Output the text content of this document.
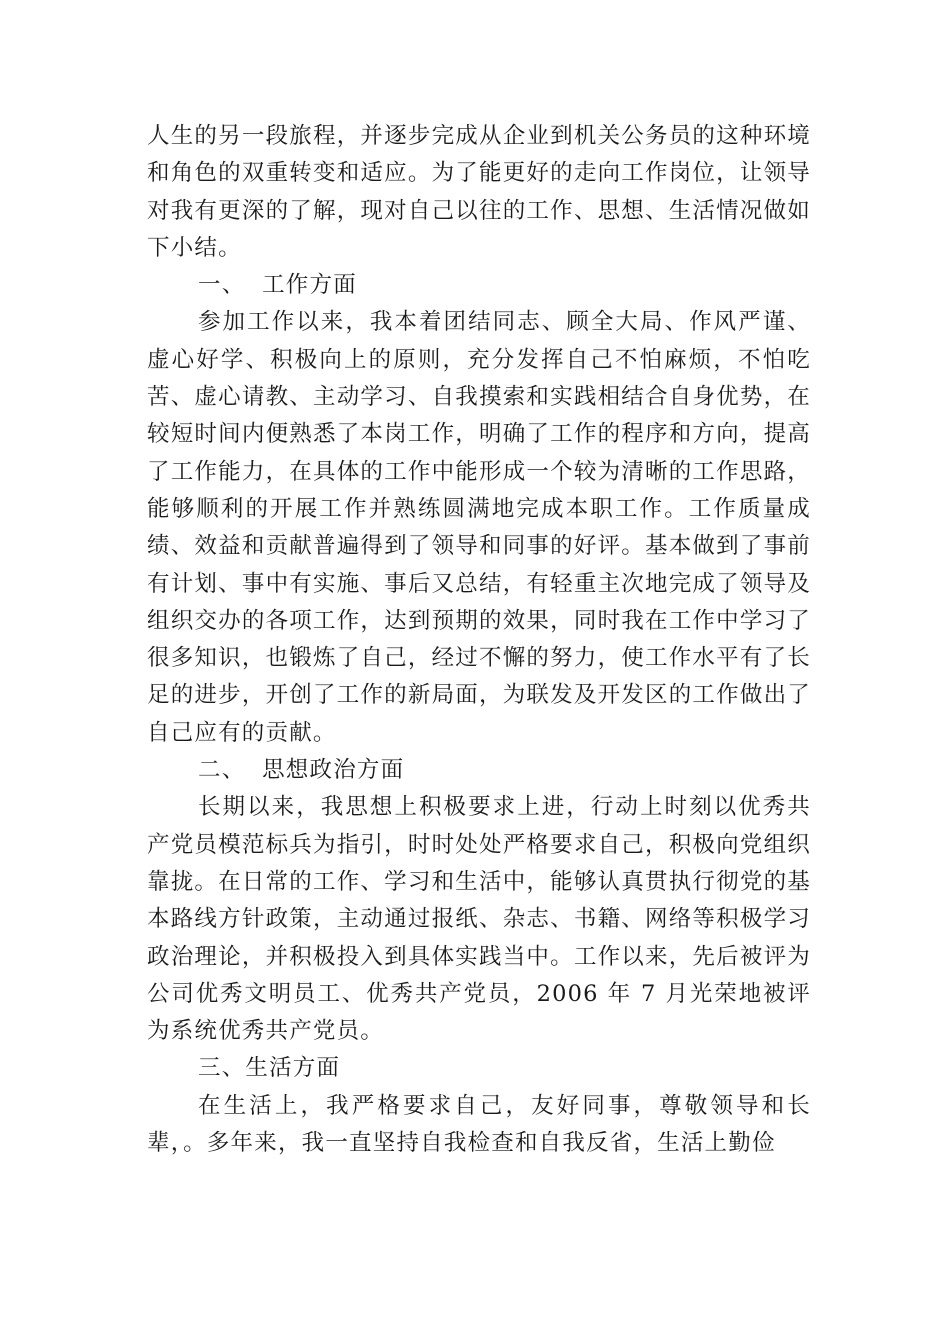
人生的另一段旅程，并逐步完成从企业到机关公务员的这种环境和角色的双重转变和适应。为了能更好的走向工作岗位，让领导对我有更深的了解，现对自己以往的工作、思想、生活情况做如下小结。

一、  工作方面

参加工作以来，我本着团结同志、顾全大局、作风严谨、虚心好学、积极向上的原则，充分发挥自己不怕麻烦，不怕吃苦、虚心请教、主动学习、自我摸索和实践相结合自身优势，在较短时间内便熟悉了本岗工作，明确了工作的程序和方向，提高了工作能力，在具体的工作中能形成一个较为清晰的工作思路，能够顺利的开展工作并熟练圆满地完成本职工作。工作质量成绩、效益和贡献普遍得到了领导和同事的好评。基本做到了事前有计划、事中有实施、事后又总结，有轻重主次地完成了领导及组织交办的各项工作，达到预期的效果，同时我在工作中学习了很多知识，也锻炼了自己，经过不懈的努力，使工作水平有了长足的进步，开创了工作的新局面，为联发及开发区的工作做出了自己应有的贡献。

二、  思想政治方面

长期以来，我思想上积极要求上进，行动上时刻以优秀共产党员模范标兵为指引，时时处处严格要求自己，积极向党组织靠拢。在日常的工作、学习和生活中，能够认真贯执行彻党的基本路线方针政策，主动通过报纸、杂志、书籍、网络等积极学习政治理论，并积极投入到具体实践当中。工作以来，先后被评为公司优秀文明员工、优秀共产党员，2006 年 7 月光荣地被评为系统优秀共产党员。

三、生活方面

在生活上，我严格要求自己，友好同事，尊敬领导和长辈，。多年来，我一直坚持自我检查和自我反省，生活上勤俭
